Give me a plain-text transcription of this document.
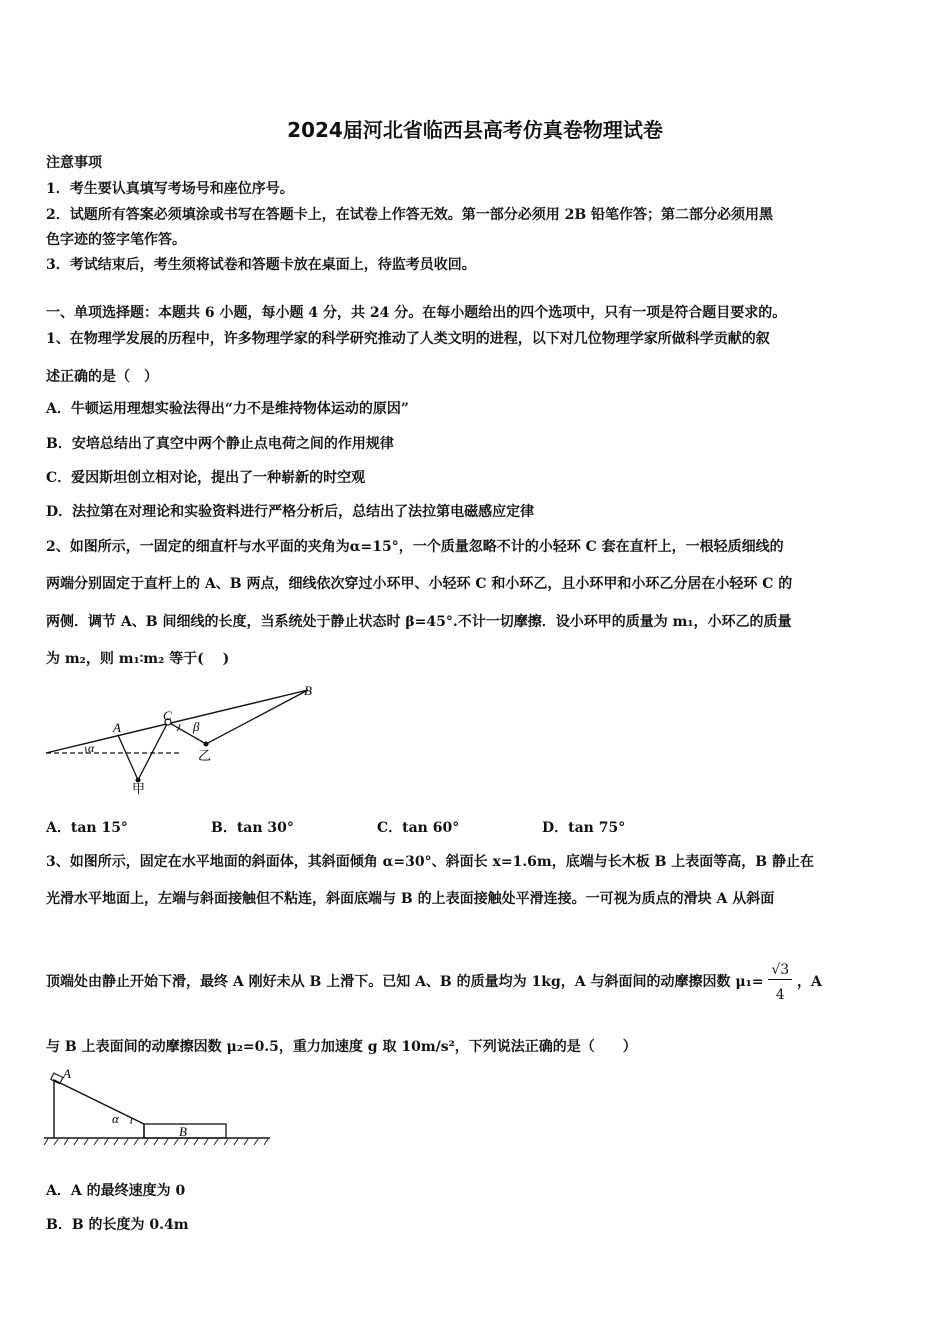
2024届河北省临西县高考仿真卷物理试卷
注意事项
1．考生要认真填写考场号和座位序号。
2．试题所有答案必须填涂或书写在答题卡上，在试卷上作答无效。第一部分必须用 2B 铅笔作答；第二部分必须用黑
色字迹的签字笔作答。
3．考试结束后，考生须将试卷和答题卡放在桌面上，待监考员收回。
一、单项选择题：本题共 6 小题，每小题 4 分，共 24 分。在每小题给出的四个选项中，只有一项是符合题目要求的。
1、在物理学发展的历程中，许多物理学家的科学研究推动了人类文明的进程，以下对几位物理学家所做科学贡献的叙
述正确的是（　）
A．牛顿运用理想实验法得出“力不是维持物体运动的原因”
B．安培总结出了真空中两个静止点电荷之间的作用规律
C．爱因斯坦创立相对论，提出了一种崭新的时空观
D．法拉第在对理论和实验资料进行严格分析后，总结出了法拉第电磁感应定律
2、如图所示，一固定的细直杆与水平面的夹角为α=15°，一个质量忽略不计的小轻环 C 套在直杆上，一根轻质细线的
两端分别固定于直杆上的 A、B 两点，细线依次穿过小环甲、小轻环 C 和小环乙，且小环甲和小环乙分居在小轻环 C 的
两侧．调节 A、B 间细线的长度，当系统处于静止状态时 β=45°.不计一切摩擦．设小环甲的质量为 m₁，小环乙的质量
为 m₂，则 m₁∶m₂ 等于(　 )
A
C
B
α
β
甲
乙
A．tan 15°	B．tan 30°	C．tan 60°	D．tan 75°
3、如图所示，固定在水平地面的斜面体，其斜面倾角 α=30°、斜面长 x=1.6m，底端与长木板 B 上表面等高，B 静止在
光滑水平地面上，左端与斜面接触但不粘连，斜面底端与 B 的上表面接触处平滑连接。一可视为质点的滑块 A 从斜面
顶端处由静止开始下滑，最终 A 刚好未从 B 上滑下。已知 A、B 的质量均为 1kg，A 与斜面间的动摩擦因数 $\mu_1= \frac{√3}{4}$ ，A
与 B 上表面间的动摩擦因数 μ₂=0.5，重力加速度 g 取 10m/s²，下列说法正确的是（　　）
A
B
α
A．A 的最终速度为 0
B．B 的长度为 0.4m
